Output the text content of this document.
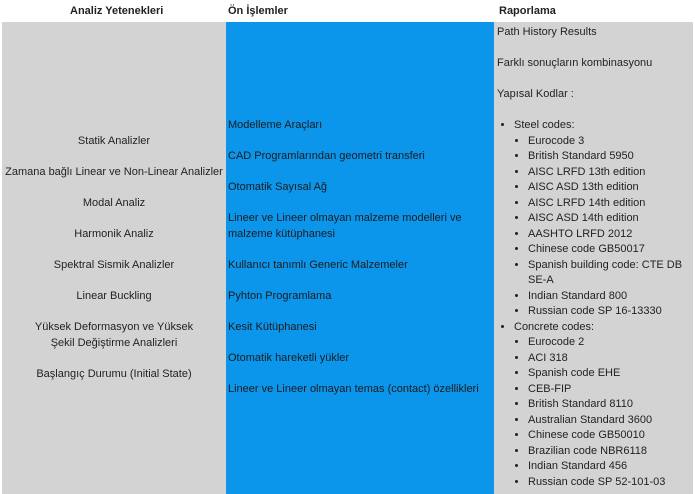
Analiz Yetenekleri	Ön İşlemler	Raporlama
Statik Analizler
Zamana bağlı Linear ve Non-Linear Analizler
Modal Analiz
Harmonik Analiz
Spektral Sismik Analizler
Linear Buckling
Yüksek Deformasyon ve Yüksek Şekil Değiştirme Analizleri
Başlangıç Durumu (Initial State)
Modelleme Araçları
CAD Programlarından geometri transferi
Otomatik Sayısal Ağ
Lineer ve Lineer olmayan malzeme modelleri ve malzeme kütüphanesi
Kullanıcı tanımlı Generic Malzemeler
Pyhton Programlama
Kesit Kütüphanesi
Otomatik hareketli yükler
Lineer ve Lineer olmayan temas (contact) özellikleri
Path History Results
Farklı sonuçların kombinasyonu
Yapısal Kodlar :
• Steel codes:
• Eurocode 3
• British Standard 5950
• AISC LRFD 13th edition
• AISC ASD 13th edition
• AISC LRFD 14th edition
• AISC ASD 14th edition
• AASHTO LRFD 2012
• Chinese code GB50017
• Spanish building code: CTE DB SE-A
• Indian Standard 800
• Russian code SP 16-13330
• Concrete codes:
• Eurocode 2
• ACI 318
• Spanish code EHE
• CEB-FIP
• British Standard 8110
• Australian Standard 3600
• Chinese code GB50010
• Brazilian code NBR6118
• Indian Standard 456
• Russian code SP 52-101-03
